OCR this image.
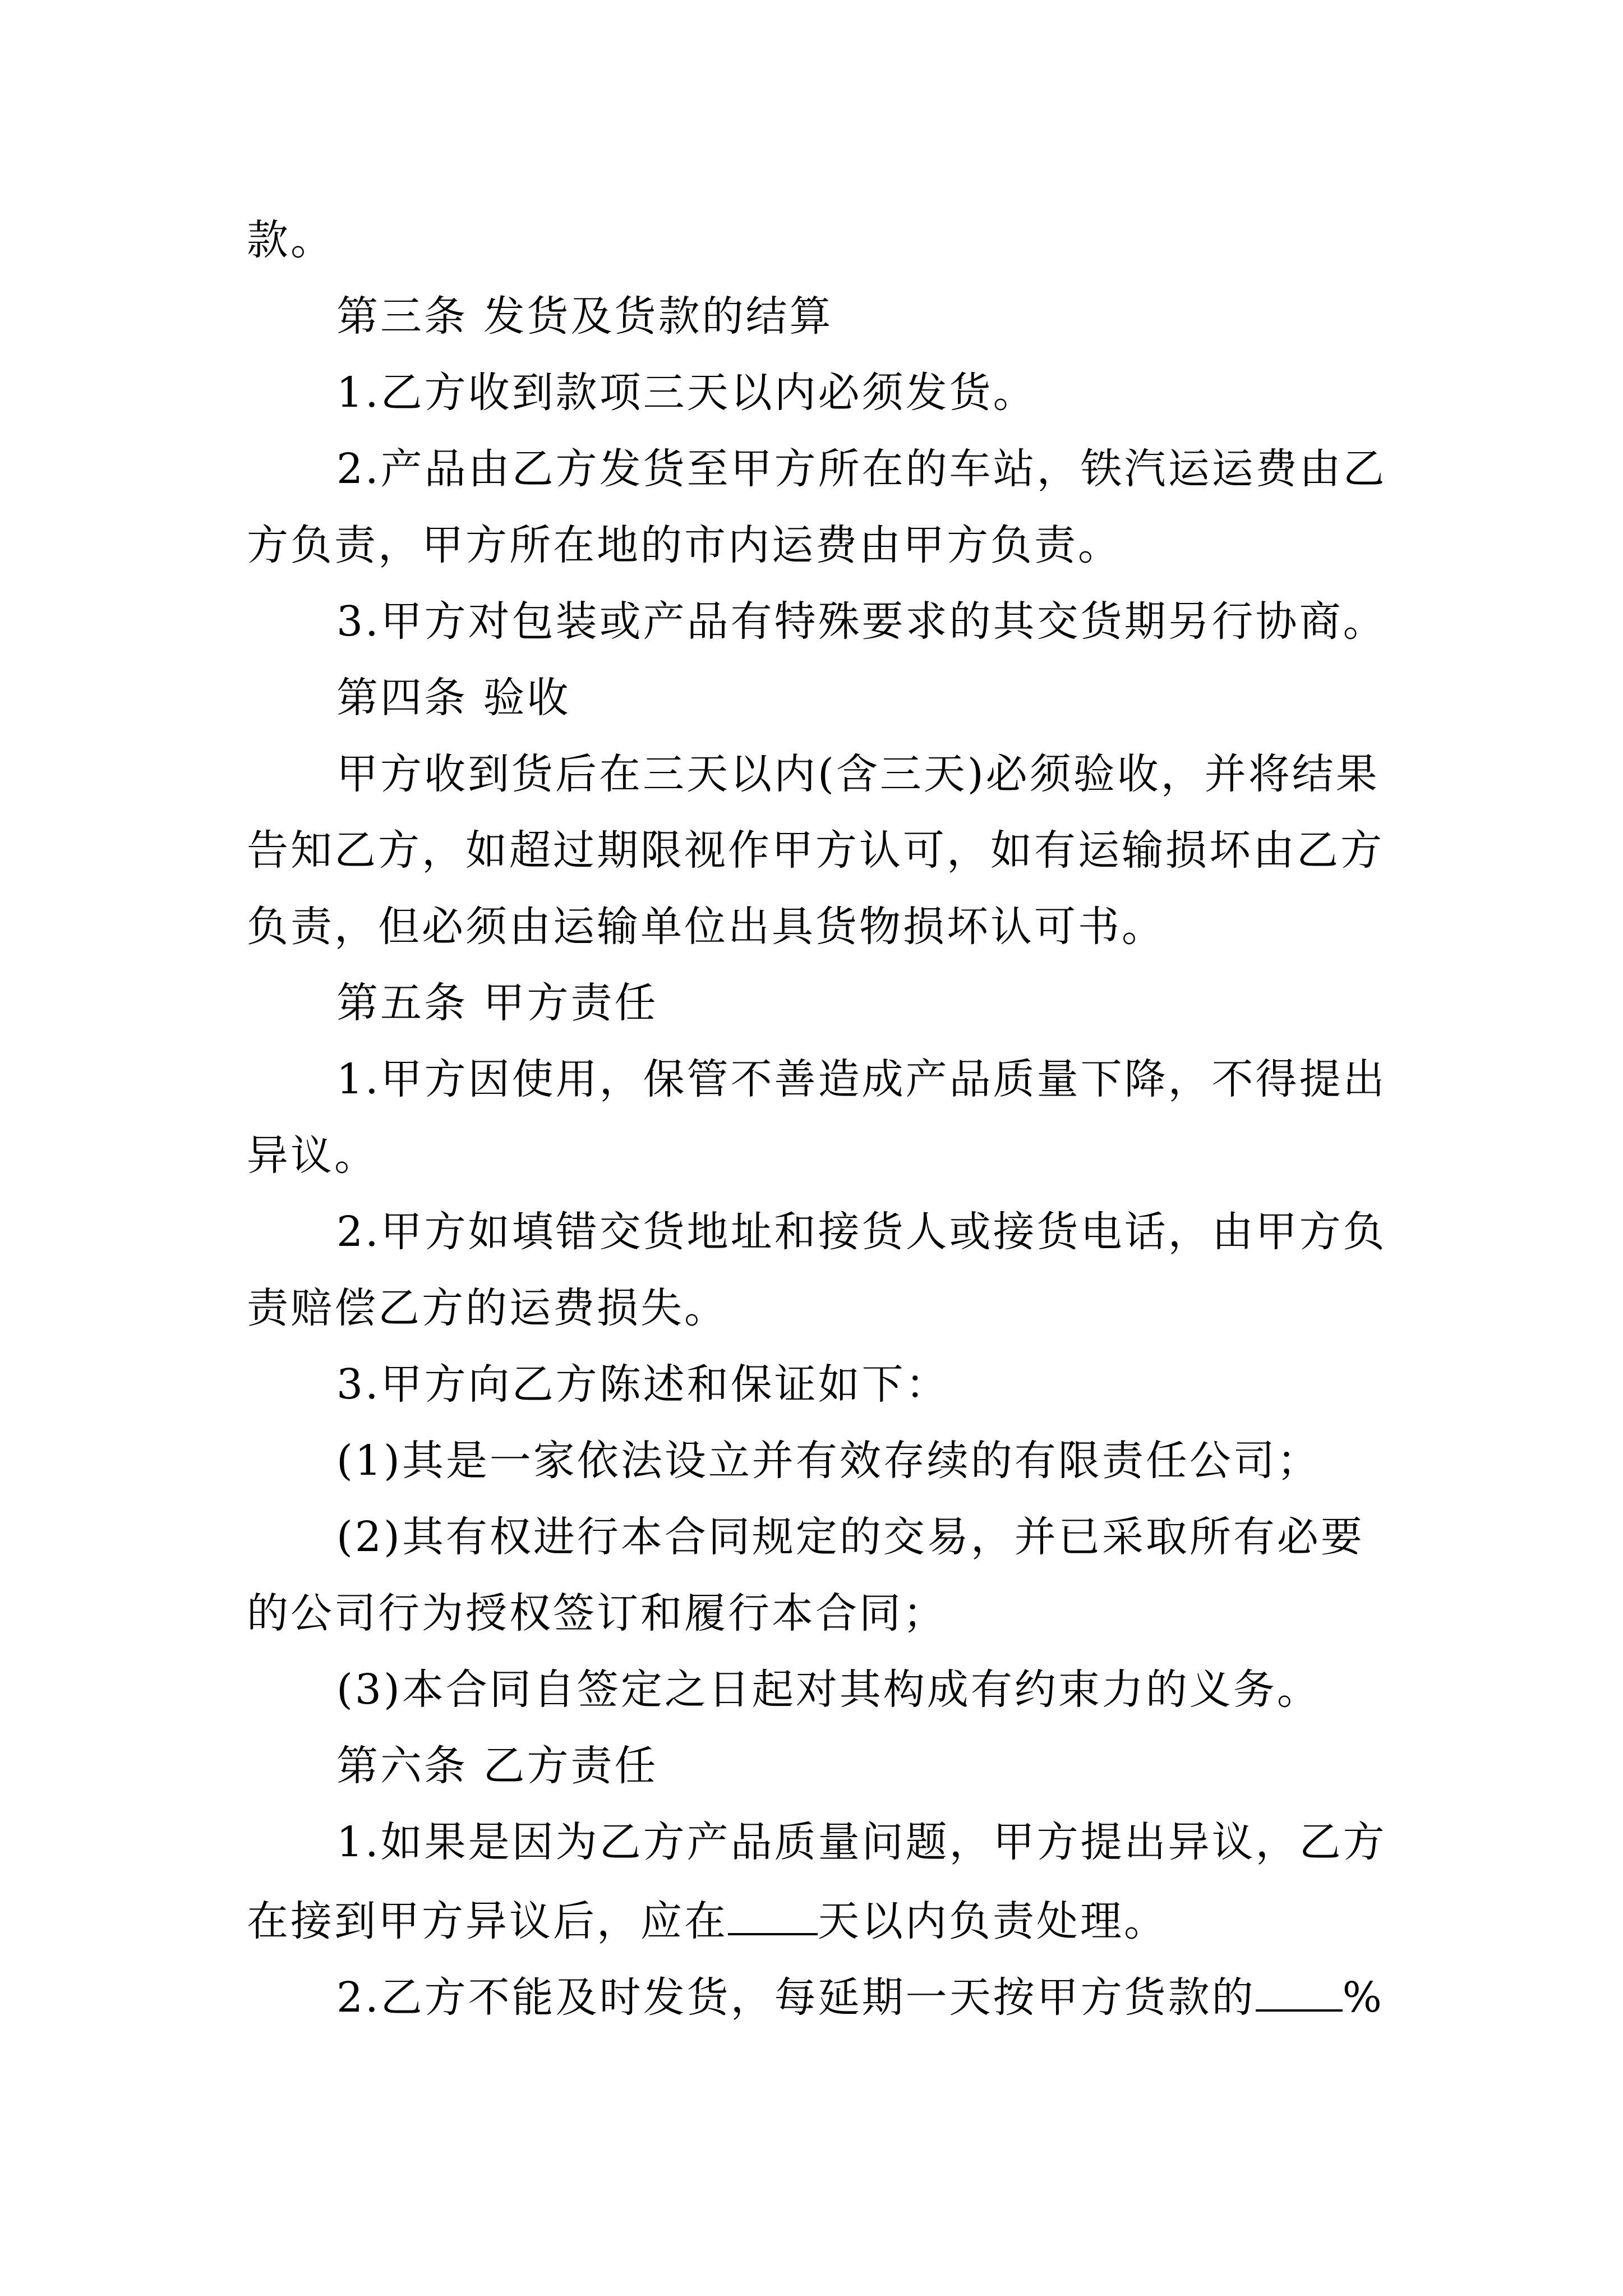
款。
第三条 发货及货款的结算
1.乙方收到款项三天以内必须发货。
2.产品由乙方发货至甲方所在的车站，铁汽运运费由乙
方负责，甲方所在地的市内运费由甲方负责。
3.甲方对包装或产品有特殊要求的其交货期另行协商。
第四条 验收
甲方收到货后在三天以内(含三天)必须验收，并将结果
告知乙方，如超过期限视作甲方认可，如有运输损坏由乙方
负责，但必须由运输单位出具货物损坏认可书。
第五条 甲方责任
1.甲方因使用，保管不善造成产品质量下降，不得提出
异议。
2.甲方如填错交货地址和接货人或接货电话，由甲方负
责赔偿乙方的运费损失。
3.甲方向乙方陈述和保证如下：
(1)其是一家依法设立并有效存续的有限责任公司；
(2)其有权进行本合同规定的交易，并已采取所有必要
的公司行为授权签订和履行本合同；
(3)本合同自签定之日起对其构成有约束力的义务。
第六条 乙方责任
1.如果是因为乙方产品质量问题，甲方提出异议，乙方
在接到甲方异议后，应在 天以内负责处理。
2.乙方不能及时发货，每延期一天按甲方货款的 %
